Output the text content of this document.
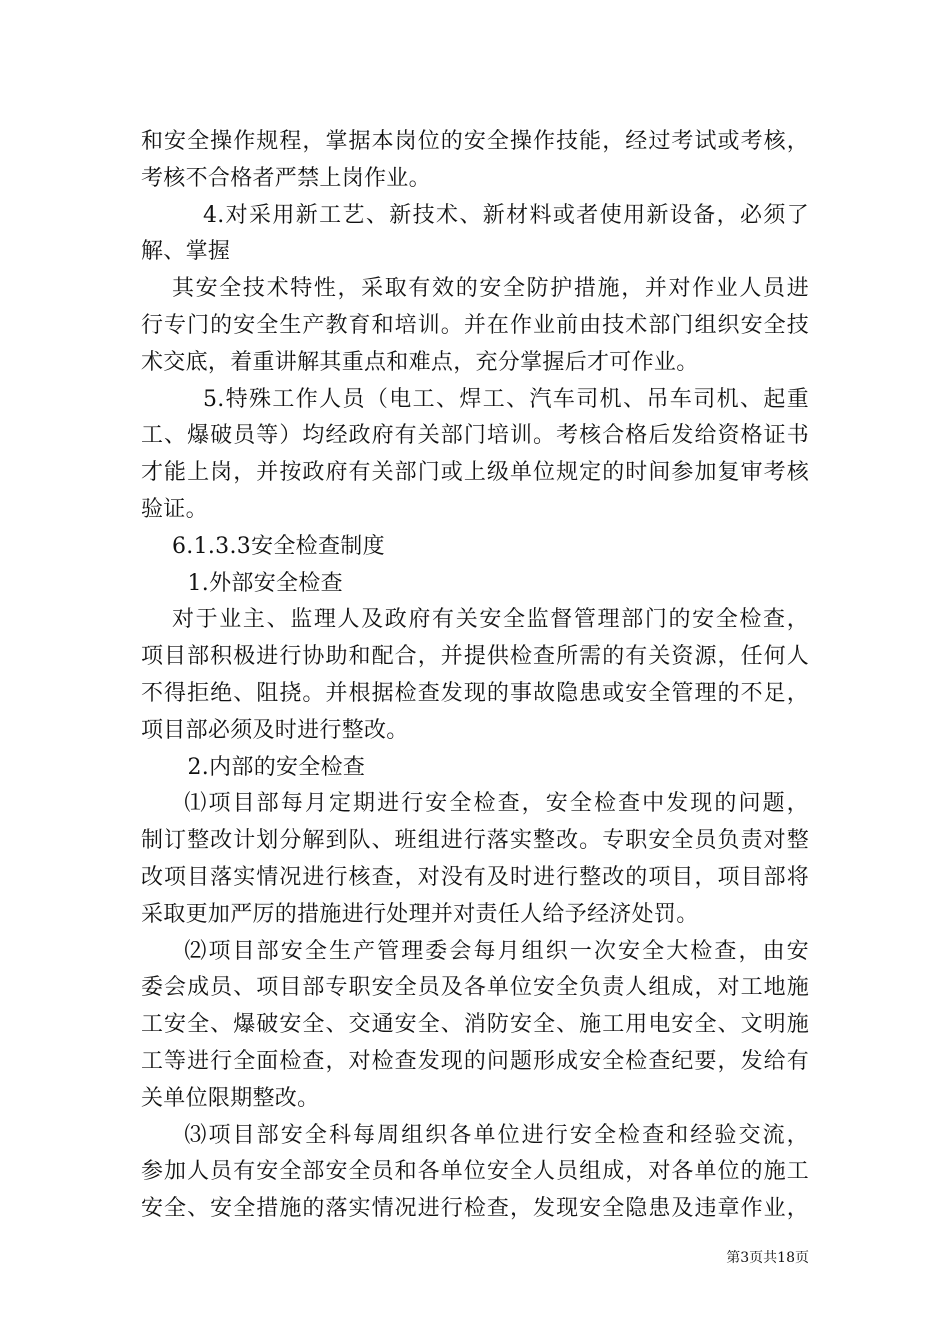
和安全操作规程，掌据本岗位的安全操作技能，经过考试或考核，
考核不合格者严禁上岗作业。
4.对采用新工艺、新技术、新材料或者使用新设备，必须了
解、掌握
其安全技术特性，采取有效的安全防护措施，并对作业人员进
行专门的安全生产教育和培训。并在作业前由技术部门组织安全技
术交底，着重讲解其重点和难点，充分掌握后才可作业。
5.特殊工作人员（电工、焊工、汽车司机、吊车司机、起重
工、爆破员等）均经政府有关部门培训。考核合格后发给资格证书
才能上岗，并按政府有关部门或上级单位规定的时间参加复审考核
验证。
6.1.3.3安全检查制度
1.外部安全检查
对于业主、监理人及政府有关安全监督管理部门的安全检查，
项目部积极进行协助和配合，并提供检查所需的有关资源，任何人
不得拒绝、阻挠。并根据检查发现的事故隐患或安全管理的不足，
项目部必须及时进行整改。
2.内部的安全检查
⑴项目部每月定期进行安全检查，安全检查中发现的问题，
制订整改计划分解到队、班组进行落实整改。专职安全员负责对整
改项目落实情况进行核查，对没有及时进行整改的项目，项目部将
采取更加严厉的措施进行处理并对责任人给予经济处罚。
⑵项目部安全生产管理委会每月组织一次安全大检查，由安
委会成员、项目部专职安全员及各单位安全负责人组成，对工地施
工安全、爆破安全、交通安全、消防安全、施工用电安全、文明施
工等进行全面检查，对检查发现的问题形成安全检查纪要，发给有
关单位限期整改。
⑶项目部安全科每周组织各单位进行安全检查和经验交流，
参加人员有安全部安全员和各单位安全人员组成，对各单位的施工
安全、安全措施的落实情况进行检查，发现安全隐患及违章作业，
第3页共18页
